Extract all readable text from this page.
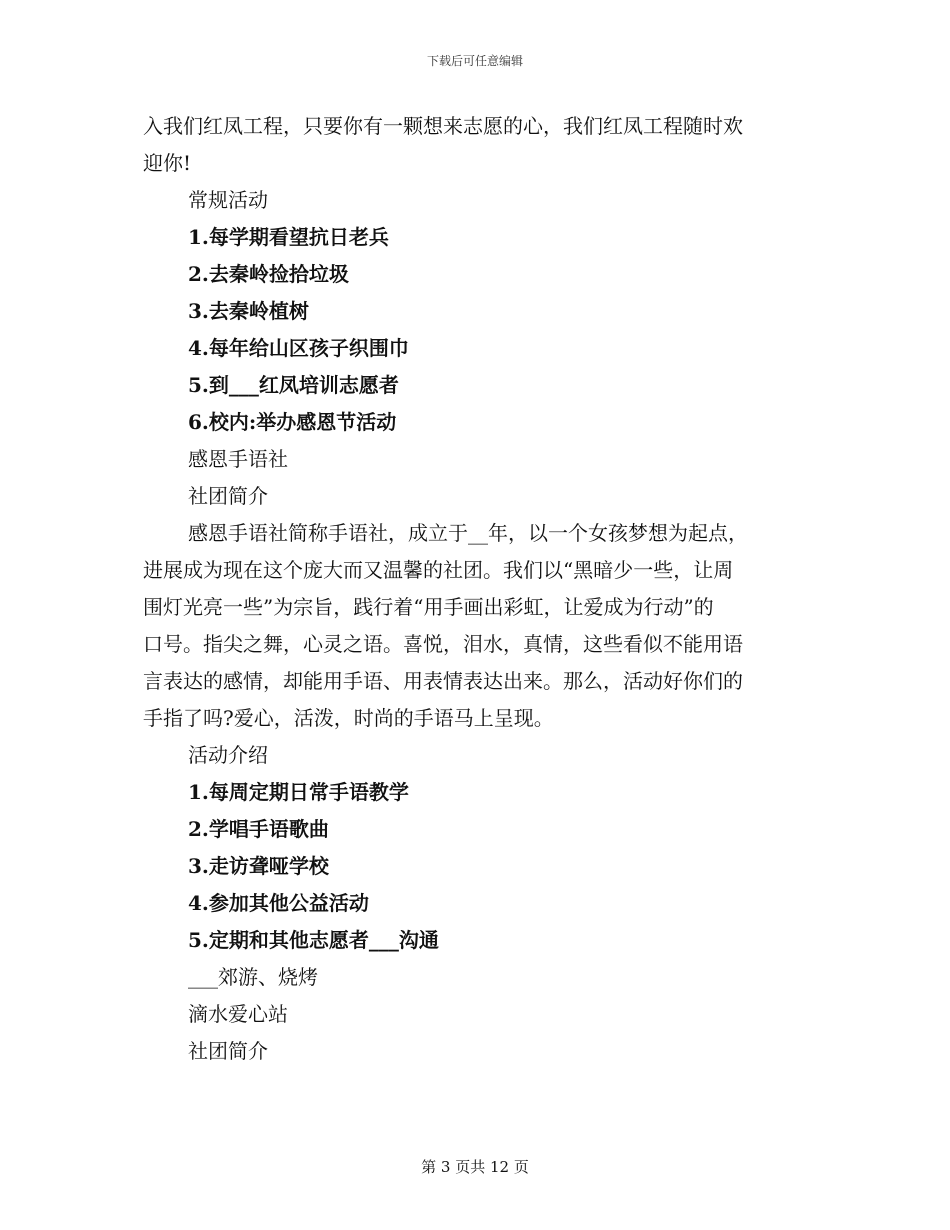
下载后可任意编辑
入我们红凤工程，只要你有一颗想来志愿的心，我们红凤工程随时欢
迎你!
常规活动
1.每学期看望抗日老兵
2.去秦岭捡拾垃圾
3.去秦岭植树
4.每年给山区孩子织围巾
5.到___红凤培训志愿者
6.校内:举办感恩节活动
感恩手语社
社团简介
感恩手语社简称手语社，成立于__年，以一个女孩梦想为起点，
进展成为现在这个庞大而又温馨的社团。我们以“黑暗少一些，让周
围灯光亮一些”为宗旨，践行着“用手画出彩虹，让爱成为行动”的
口号。指尖之舞，心灵之语。喜悦，泪水，真情，这些看似不能用语
言表达的感情，却能用手语、用表情表达出来。那么，活动好你们的
手指了吗?爱心，活泼，时尚的手语马上呈现。
活动介绍
1.每周定期日常手语教学
2.学唱手语歌曲
3.走访聋哑学校
4.参加其他公益活动
5.定期和其他志愿者___沟通
___郊游、烧烤
滴水爱心站
社团简介
第 3 页共 12 页
